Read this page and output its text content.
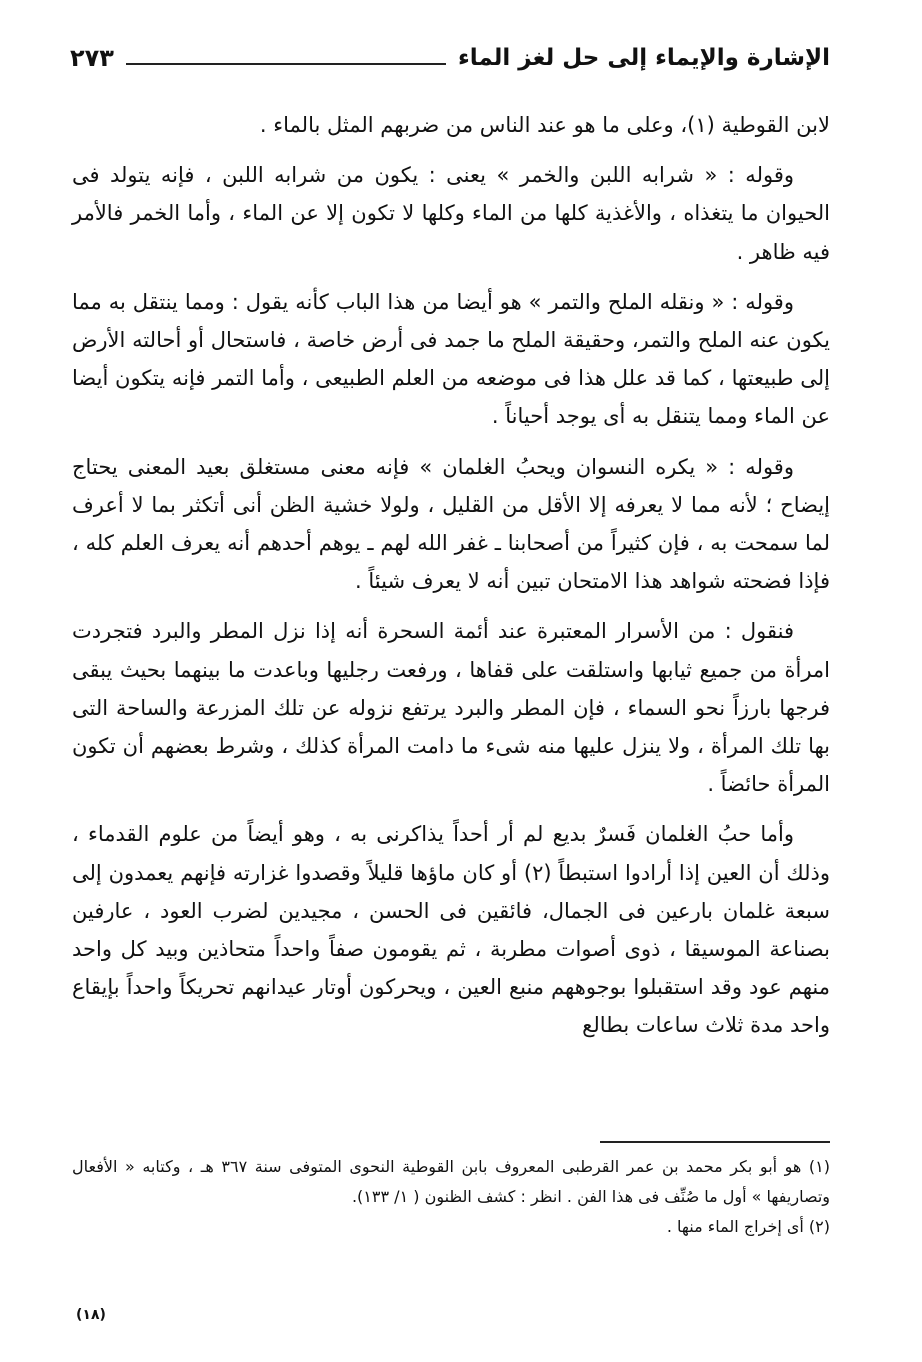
الإشارة والإيماء إلى حل لغز الماء
٢٧٣

لابن القوطية (١)، وعلى ما هو عند الناس من ضربهم المثل بالماء .

وقوله : « شرابه اللبن والخمر » يعنى : يكون من شرابه اللبن ، فإنه يتولد فى الحيوان ما يتغذاه ، والأغذية كلها من الماء وكلها لا تكون إلا عن الماء ، وأما الخمر فالأمر فيه ظاهر .

وقوله : « ونقله الملح والتمر » هو أيضا من هذا الباب كأنه يقول : ومما ينتقل به مما يكون عنه الملح والتمر، وحقيقة الملح ما جمد فى أرض خاصة ، فاستحال أو أحالته الأرض إلى طبيعتها ، كما قد علل هذا فى موضعه من العلم الطبيعى ، وأما التمر فإنه يتكون أيضا عن الماء ومما يتنقل به أى يوجد أحياناً .

وقوله : « يكره النسوان ويحبُ الغلمان » فإنه معنى مستغلق بعيد المعنى يحتاج إيضاح ؛ لأنه مما لا يعرفه إلا الأقل من القليل ، ولولا خشية الظن أنى أتكثر بما لا أعرف لما سمحت به ، فإن كثيراً من أصحابنا ـ غفر الله لهم ـ يوهم أحدهم أنه يعرف العلم كله ، فإذا فضحته شواهد هذا الامتحان تبين أنه لا يعرف شيئاً .

فنقول : من الأسرار المعتبرة عند أئمة السحرة أنه إذا نزل المطر والبرد فتجردت امرأة من جميع ثيابها واستلقت على قفاها ، ورفعت رجليها وباعدت ما بينهما بحيث يبقى فرجها بارزاً نحو السماء ، فإن المطر والبرد يرتفع نزوله عن تلك المزرعة والساحة التى بها تلك المرأة ، ولا ينزل عليها منه شىء ما دامت المرأة كذلك ، وشرط بعضهم أن تكون المرأة حائضاً .

وأما حبُ الغلمان فَسرٌ بديع لم أر أحداً يذاكرنى به ، وهو أيضاً من علوم القدماء ، وذلك أن العين إذا أرادوا استبطاً (٢) أو كان ماؤها قليلاً وقصدوا غزارته فإنهم يعمدون إلى سبعة غلمان بارعين فى الجمال، فائقين فى الحسن ، مجيدين لضرب العود ، عارفين بصناعة الموسيقا ، ذوى أصوات مطربة ، ثم يقومون صفاً واحداً متحاذين وبيد كل واحد منهم عود وقد استقبلوا بوجوههم منبع العين ، ويحركون أوتار عيدانهم تحريكاً واحداً بإيقاع واحد مدة ثلاث ساعات بطالع

(١) هو أبو بكر محمد بن عمر القرطبى المعروف بابن القوطية النحوى المتوفى سنة ٣٦٧ هـ ، وكتابه « الأفعال وتصاريفها » أول ما صُنِّف فى هذا الفن . انظر : كشف الظنون ( ١/ ١٣٣).

(٢) أى إخراج الماء منها .

(١٨)
